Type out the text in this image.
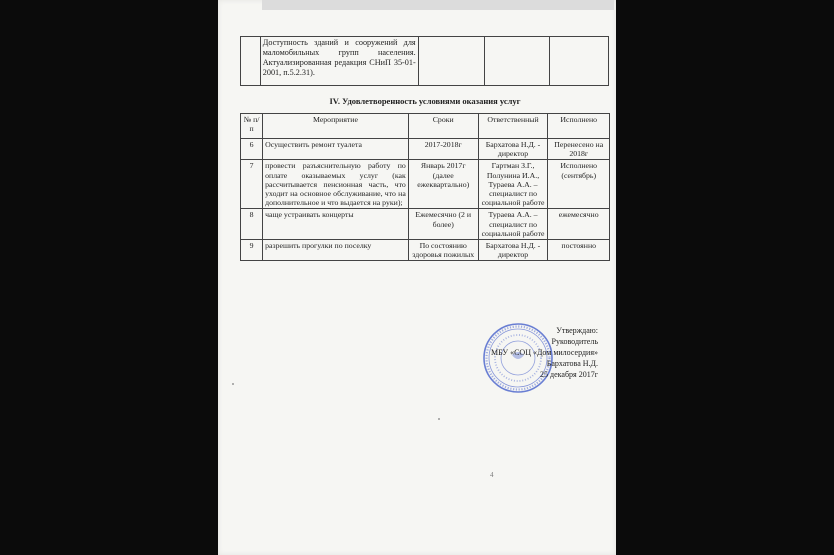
	Доступность зданий и сооружений для маломобильных групп населения. Актуализированная редакция СНиП 35-01-2001, п.5.2.31).			
IV. Удовлетворенность условиями оказания услуг
№ п/п	Мероприятие	Сроки	Ответственный	Исполнено
6	Осуществить ремонт туалета	2017-2018г	Бархатова Н.Д. - директор	Перенесено на 2018г
7	провести разъяснительную работу по оплате оказываемых услуг (как рассчитывается пенсионная часть, что уходит на основное обслуживание, что на дополнительное и что выдается на руки);	Январь 2017г (далее ежеквартально)	Гартман З.Г., Полунина И.А., Тураева А.А. – специалист по социальной работе	Исполнено (сентябрь)
8	чаще устраивать концерты	Ежемесячно (2 и более)	Тураева А.А. – специалист по социальной работе	ежемесячно
9	разрешить прогулки по поселку	По состоянию здоровья пожилых	Бархатова Н.Д. - директор	постоянно
Утверждаю:
Руководитель
МБУ «СОЦ «Дом милосердия»
Бархатова Н.Д.
25 декабря 2017г
4
